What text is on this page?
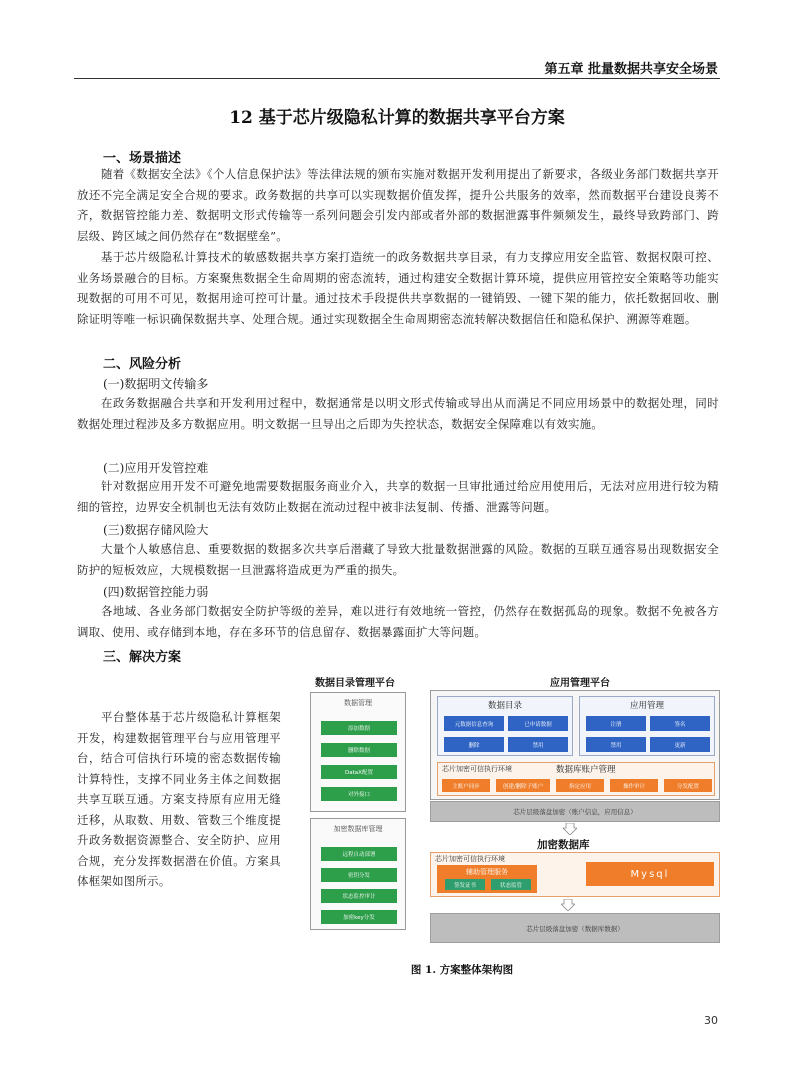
第五章 批量数据共享安全场景
12 基于芯片级隐私计算的数据共享平台方案
一、场景描述
随着《数据安全法》《个人信息保护法》等法律法规的颁布实施对数据开发利用提出了新要求，各级业务部门数据共享开放还不完全满足安全合规的要求。政务数据的共享可以实现数据价值发挥，提升公共服务的效率，然而数据平台建设良莠不齐，数据管控能力差、数据明文形式传输等一系列问题会引发内部或者外部的数据泄露事件频频发生，最终导致跨部门、跨层级、跨区域之间仍然存在“数据壁垒”。
基于芯片级隐私计算技术的敏感数据共享方案打造统一的政务数据共享目录，有力支撑应用安全监管、数据权限可控、业务场景融合的目标。方案聚焦数据全生命周期的密态流转，通过构建安全数据计算环境，提供应用管控安全策略等功能实现数据的可用不可见，数据用途可控可计量。通过技术手段提供共享数据的一键销毁、一键下架的能力，依托数据回收、删除证明等唯一标识确保数据共享、处理合规。通过实现数据全生命周期密态流转解决数据信任和隐私保护、溯源等难题。
二、风险分析
(一)数据明文传输多
在政务数据融合共享和开发利用过程中，数据通常是以明文形式传输或导出从而满足不同应用场景中的数据处理，同时数据处理过程涉及多方数据应用。明文数据一旦导出之后即为失控状态，数据安全保障难以有效实施。
(二)应用开发管控难
针对数据应用开发不可避免地需要数据服务商业介入，共享的数据一旦审批通过给应用使用后，无法对应用进行较为精细的管控，边界安全机制也无法有效防止数据在流动过程中被非法复制、传播、泄露等问题。
(三)数据存储风险大
大量个人敏感信息、重要数据的数据多次共享后潜藏了导致大批量数据泄露的风险。数据的互联互通容易出现数据安全防护的短板效应，大规模数据一旦泄露将造成更为严重的损失。
(四)数据管控能力弱
各地域、各业务部门数据安全防护等级的差异，难以进行有效地统一管控，仍然存在数据孤岛的现象。数据不免被各方调取、使用、或存储到本地，存在多环节的信息留存、数据暴露面扩大等问题。
三、解决方案
平台整体基于芯片级隐私计算框架开发，构建数据管理平台与应用管理平台，结合可信执行环境的密态数据传输计算特性，支撑不同业务主体之间数据共享互联互通。方案支持原有应用无缝迁移，从取数、用数、管数三个维度提升政务数据资源整合、安全防护、应用合规，充分发挥数据潜在价值。方案具体框架如图所示。
数据目录管理平台	应用管理平台
数据管理
添加数据
删除数据
DataX配置
对外接口
加密数据库管理
远程自动部署
密钥分发
状态监控审计
加密key分发
数据目录
元数据信息查询	已申请数据
删除	禁用
应用管理
注册	签名
禁用	更新
芯片加密可信执行环境	数据库账户管理
主账户同步	创建/删除子账户	指定应用	操作审计	分发配置
芯片层级落盘加密（账户信息，应用信息）
加密数据库
芯片加密可信执行环境
辅助管理服务
签发证书	状态监管
Mysql
芯片层级落盘加密（数据库数据）
图 1. 方案整体架构图
30
